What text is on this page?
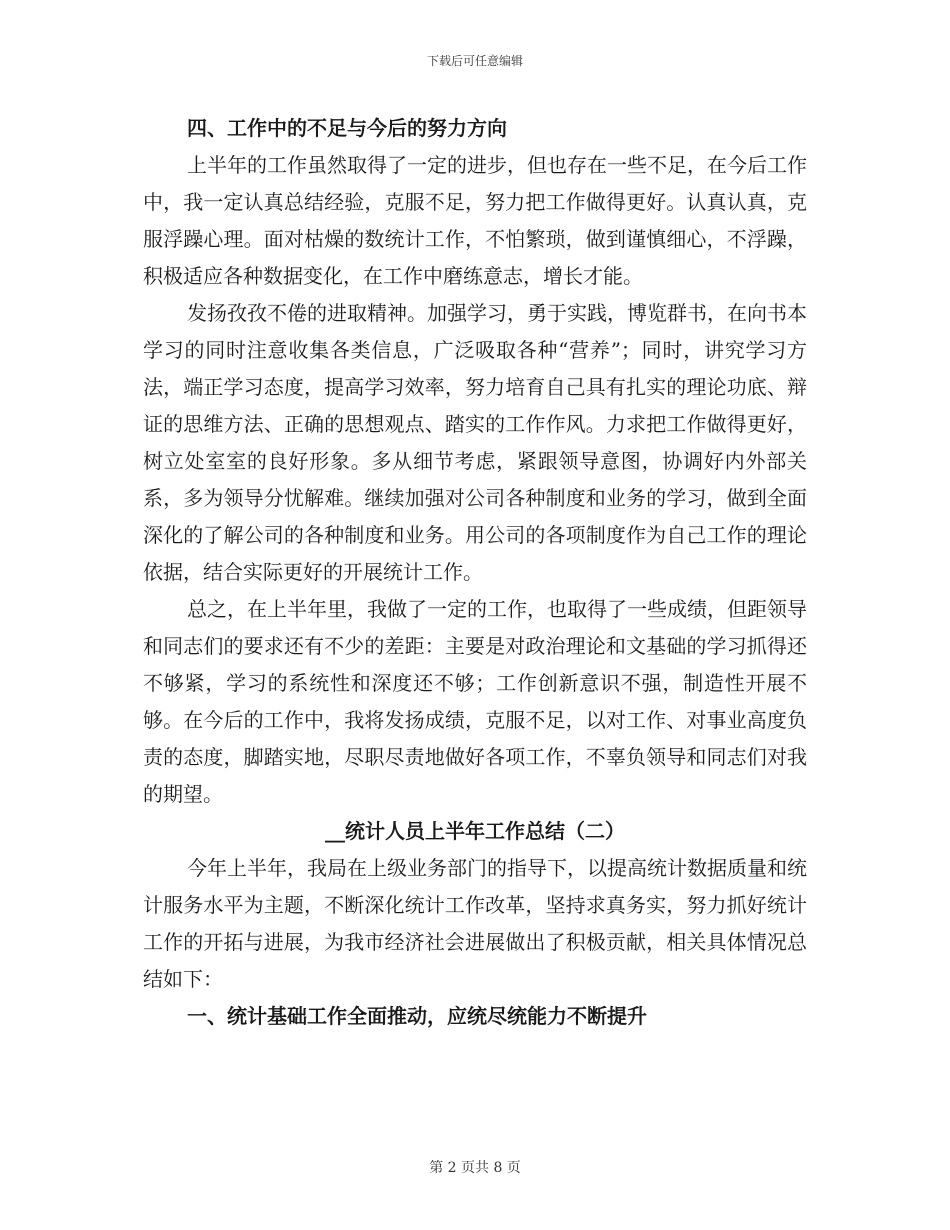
下载后可任意编辑
四、工作中的不足与今后的努力方向

上半年的工作虽然取得了一定的进步，但也存在一些不足，在今后工作中，我一定认真总结经验，克服不足，努力把工作做得更好。认真认真，克服浮躁心理。面对枯燥的数统计工作，不怕繁琐，做到谨慎细心，不浮躁，积极适应各种数据变化，在工作中磨练意志，增长才能。

发扬孜孜不倦的进取精神。加强学习，勇于实践，博览群书，在向书本学习的同时注意收集各类信息，广泛吸取各种“营养”；同时，讲究学习方法，端正学习态度，提高学习效率，努力培育自己具有扎实的理论功底、辩证的思维方法、正确的思想观点、踏实的工作作风。力求把工作做得更好，树立处室室的良好形象。多从细节考虑，紧跟领导意图，协调好内外部关系，多为领导分忧解难。继续加强对公司各种制度和业务的学习，做到全面深化的了解公司的各种制度和业务。用公司的各项制度作为自己工作的理论依据，结合实际更好的开展统计工作。

总之，在上半年里，我做了一定的工作，也取得了一些成绩，但距领导和同志们的要求还有不少的差距：主要是对政治理论和文基础的学习抓得还不够紧，学习的系统性和深度还不够；工作创新意识不强，制造性开展不够。在今后的工作中，我将发扬成绩，克服不足，以对工作、对事业高度负责的态度，脚踏实地，尽职尽责地做好各项工作，不辜负领导和同志们对我的期望。

__统计人员上半年工作总结（二）

今年上半年，我局在上级业务部门的指导下，以提高统计数据质量和统计服务水平为主题，不断深化统计工作改革，坚持求真务实，努力抓好统计工作的开拓与进展，为我市经济社会进展做出了积极贡献，相关具体情况总结如下：

一、统计基础工作全面推动，应统尽统能力不断提升
第 2 页共 8 页
